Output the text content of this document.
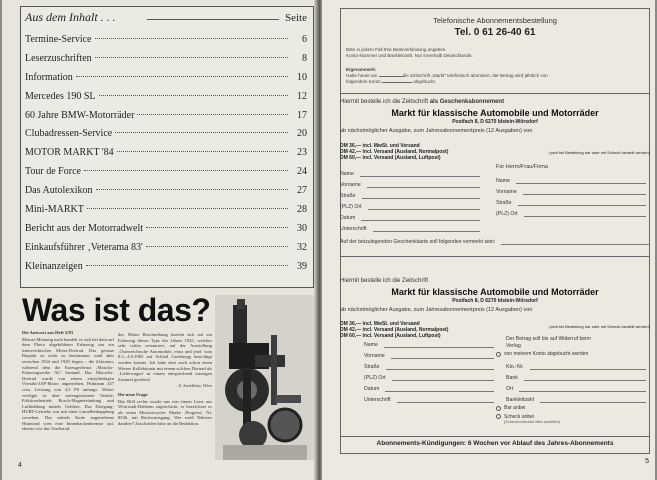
Aus dem Inhalt . . .	Seite
Termine-Service	6
Leserzuschriften	8
Information	10
Mercedes 190 SL	12
60 Jahre BMW-Motorräder	17
Clubadressen-Service	20
MOTOR MARKT '84	23
Tour de Force	24
Das Autolexikon	27
Mini-MARKT	28
Bericht aus der Motorradwelt	30
Einkaufsführer ‚Veterama 83'	32
Kleinanzeigen	39
Was ist das?
Die Antwort aus Heft 5/83
Meiner Meinung nach handelt es sich bei dem auf dem Photo abgebildeten Fahrzeug um ein österreichisches Motor-Dreirad. Das genaue Baujahr ist nicht zu bestimmen, muß aber zwischen 1924 und 1928 liegen – die Zeitraum, während dem die Erzeugerfirma ‚Motofix-Fahrzeugwerke AG' bestand. Das Motorfix-Dreirad wurde von einem einzylindrigen Viertakt-JAP-Motor angetrieben, Hubraum 247 ccm, Leistung von 4,5 PS anfangs. Weiter verfügte es über seitengesteuerte Ventile, Friktionsbetrieb, Bosch-Magnetzündung und Luftkühlung mittels Gebläse. Das Dreigang-HURT-Getriebe war mit einer Lamellenkupplung versehen. Das mittels Kette angetriebene Hinterrad wies eine Innenbackenbremse auf, ebenso wie das Vorderrad.
der. Meine Beschreibung bezieht sich auf ein Fahrzeug dieses Typs des Jahres 1925, welches sehr schön restauriert, auf der Ausstellung ‚Österreichische Automobile, einst und jetzt' vom 8.5.–4.9.1983 auf Schloß Grafenegg besichtigt werden konnte. Ich habe aber auch schon einen Wiener Kollektionär mit einem solchen Dreirad als ‚Lieferwagen' in einem entsprechend traurigen Zustand gesehen!
A. Swieblaw, Wien
Die neue Frage
Das Bild rechts wurde uns von einem Leser aus Wörrstadt-Dalheim zugeschickt, er bezeichnet es als einen Motortricycler Marke ‚Progress', Nr. 8336, mit Rückwärtsgang. Wer weiß Näheres darüber? Zuschriften bitte an die Redaktion.
4
Telefonische Abonnementsbestellung
Tel. 0 61 26-40 61
Bitte in jedem Fall Ihre Bankverbindung angeben.
Konto-Nummer und Bankleitzahl. Nur innerhalb Deutschlands.
Eigenanmerk:
Habe heute am	die Zeitschrift „Markt" telefonisch abonniert, der Betrag wird jährlich von
folgendem Konto	abgebucht.
Hiermit bestelle ich die Zeitschrift als Geschenkabonnement
Markt für klassische Automobile und Motorräder
Postfach 8, D 6270 Idstein-Wörsdorf
ab nächstmöglicher Ausgabe, zum Jahresabonnementpreis (12 Ausgaben) von
DM 36,— incl. MwSt. und Versand
DM 42,— incl. Versand (Ausland, Normalpost)
DM 60,— incl. Versand (Ausland, Luftpost)
(weil bei Bestellung bar oder mit Scheck bezahlt werden)
Name
Vorname
Straße
(PLZ) Ort
Datum
Unterschrift
Für Herrn/Frau/Firma
Name
Vorname
Straße
(PLZ) Ort
Auf der beizulegenden Geschenkkarte soll folgendes vermerkt sein:
Hiermit bestelle ich die Zeitschrift
Markt für klassische Automobile und Motorräder
Postfach 8, D 6270 Idstein-Wörsdorf
ab nächstmöglicher Ausgabe, zum Jahresabonnementpreis (12 Ausgaben) von
DM 36,— incl. MwSt. und Versand
DM 42,— incl. Versand (Ausland, Normalpost)
DM 60,— incl. Versand (Ausland, Luftpost)
(weil bei Bestellung bar oder mit Scheck bezahlt werden)
Name
Vorname
Straße
(PLZ) Ort
Datum
Unterschrift
Der Betrag soll bis auf Widerruf beim Verlag
von meinem Konto abgebucht werden
Kto.-Nr.
Bank
Ort
Bankleitzahl
Bar anbei
Scheck anbei
(Scheckvordrucke bitte ausfüllen)
Abonnements-Kündigungen: 6 Wochen vor Ablauf des Jahres-Abonnements
5
